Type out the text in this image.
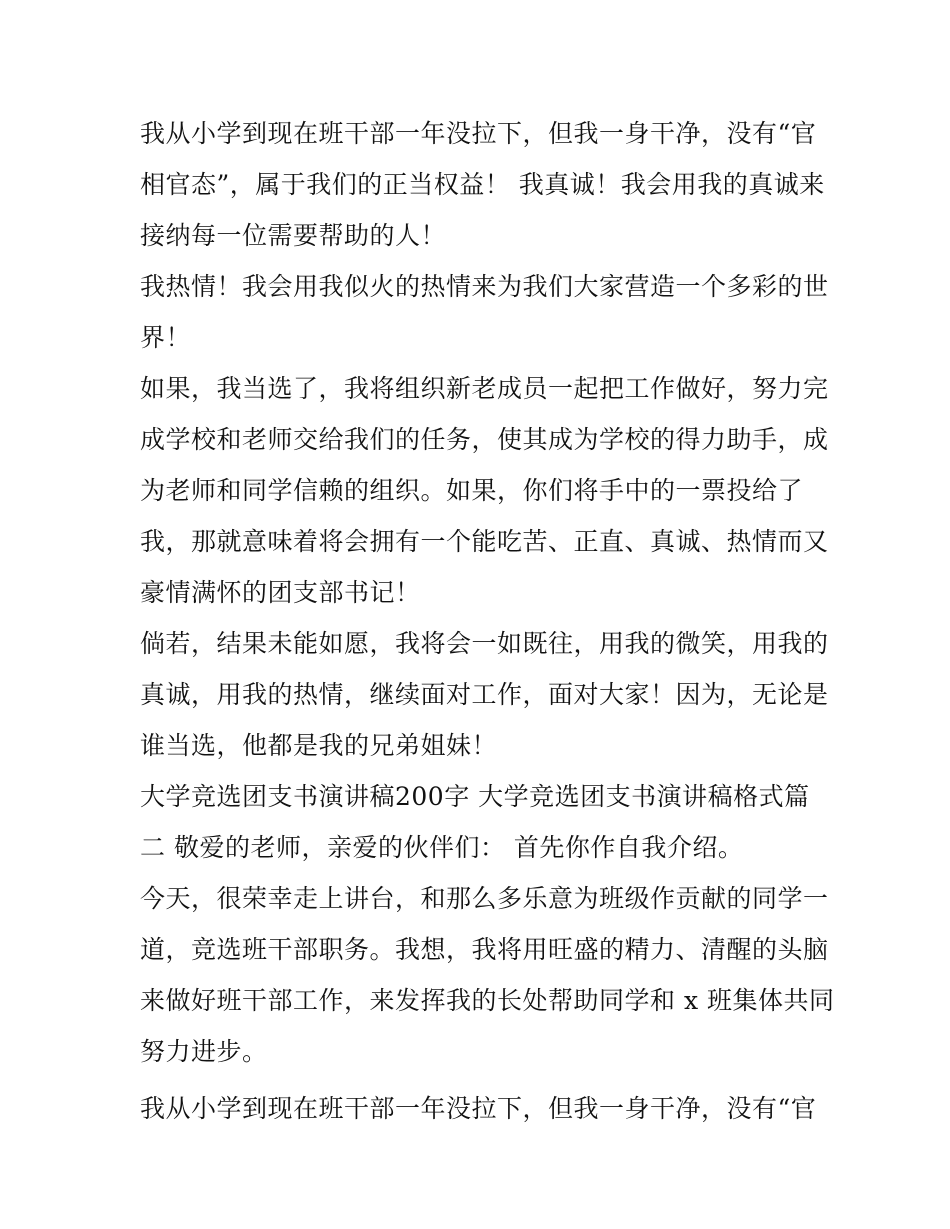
我从小学到现在班干部一年没拉下，但我一身干净，没有“官
相官态”，属于我们的正当权益！ 我真诚！我会用我的真诚来
接纳每一位需要帮助的人！
我热情！我会用我似火的热情来为我们大家营造一个多彩的世
界！
如果，我当选了，我将组织新老成员一起把工作做好，努力完
成学校和老师交给我们的任务，使其成为学校的得力助手，成
为老师和同学信赖的组织。如果，你们将手中的一票投给了
我，那就意味着将会拥有一个能吃苦、正直、真诚、热情而又
豪情满怀的团支部书记！
倘若，结果未能如愿，我将会一如既往，用我的微笑，用我的
真诚，用我的热情，继续面对工作，面对大家！因为，无论是
谁当选，他都是我的兄弟姐妹！
大学竞选团支书演讲稿200字 大学竞选团支书演讲稿格式篇
二 敬爱的老师，亲爱的伙伴们： 首先你作自我介绍。
今天，很荣幸走上讲台，和那么多乐意为班级作贡献的同学一
道，竞选班干部职务。我想，我将用旺盛的精力、清醒的头脑
来做好班干部工作，来发挥我的长处帮助同学和 x 班集体共同
努力进步。
我从小学到现在班干部一年没拉下，但我一身干净，没有“官
